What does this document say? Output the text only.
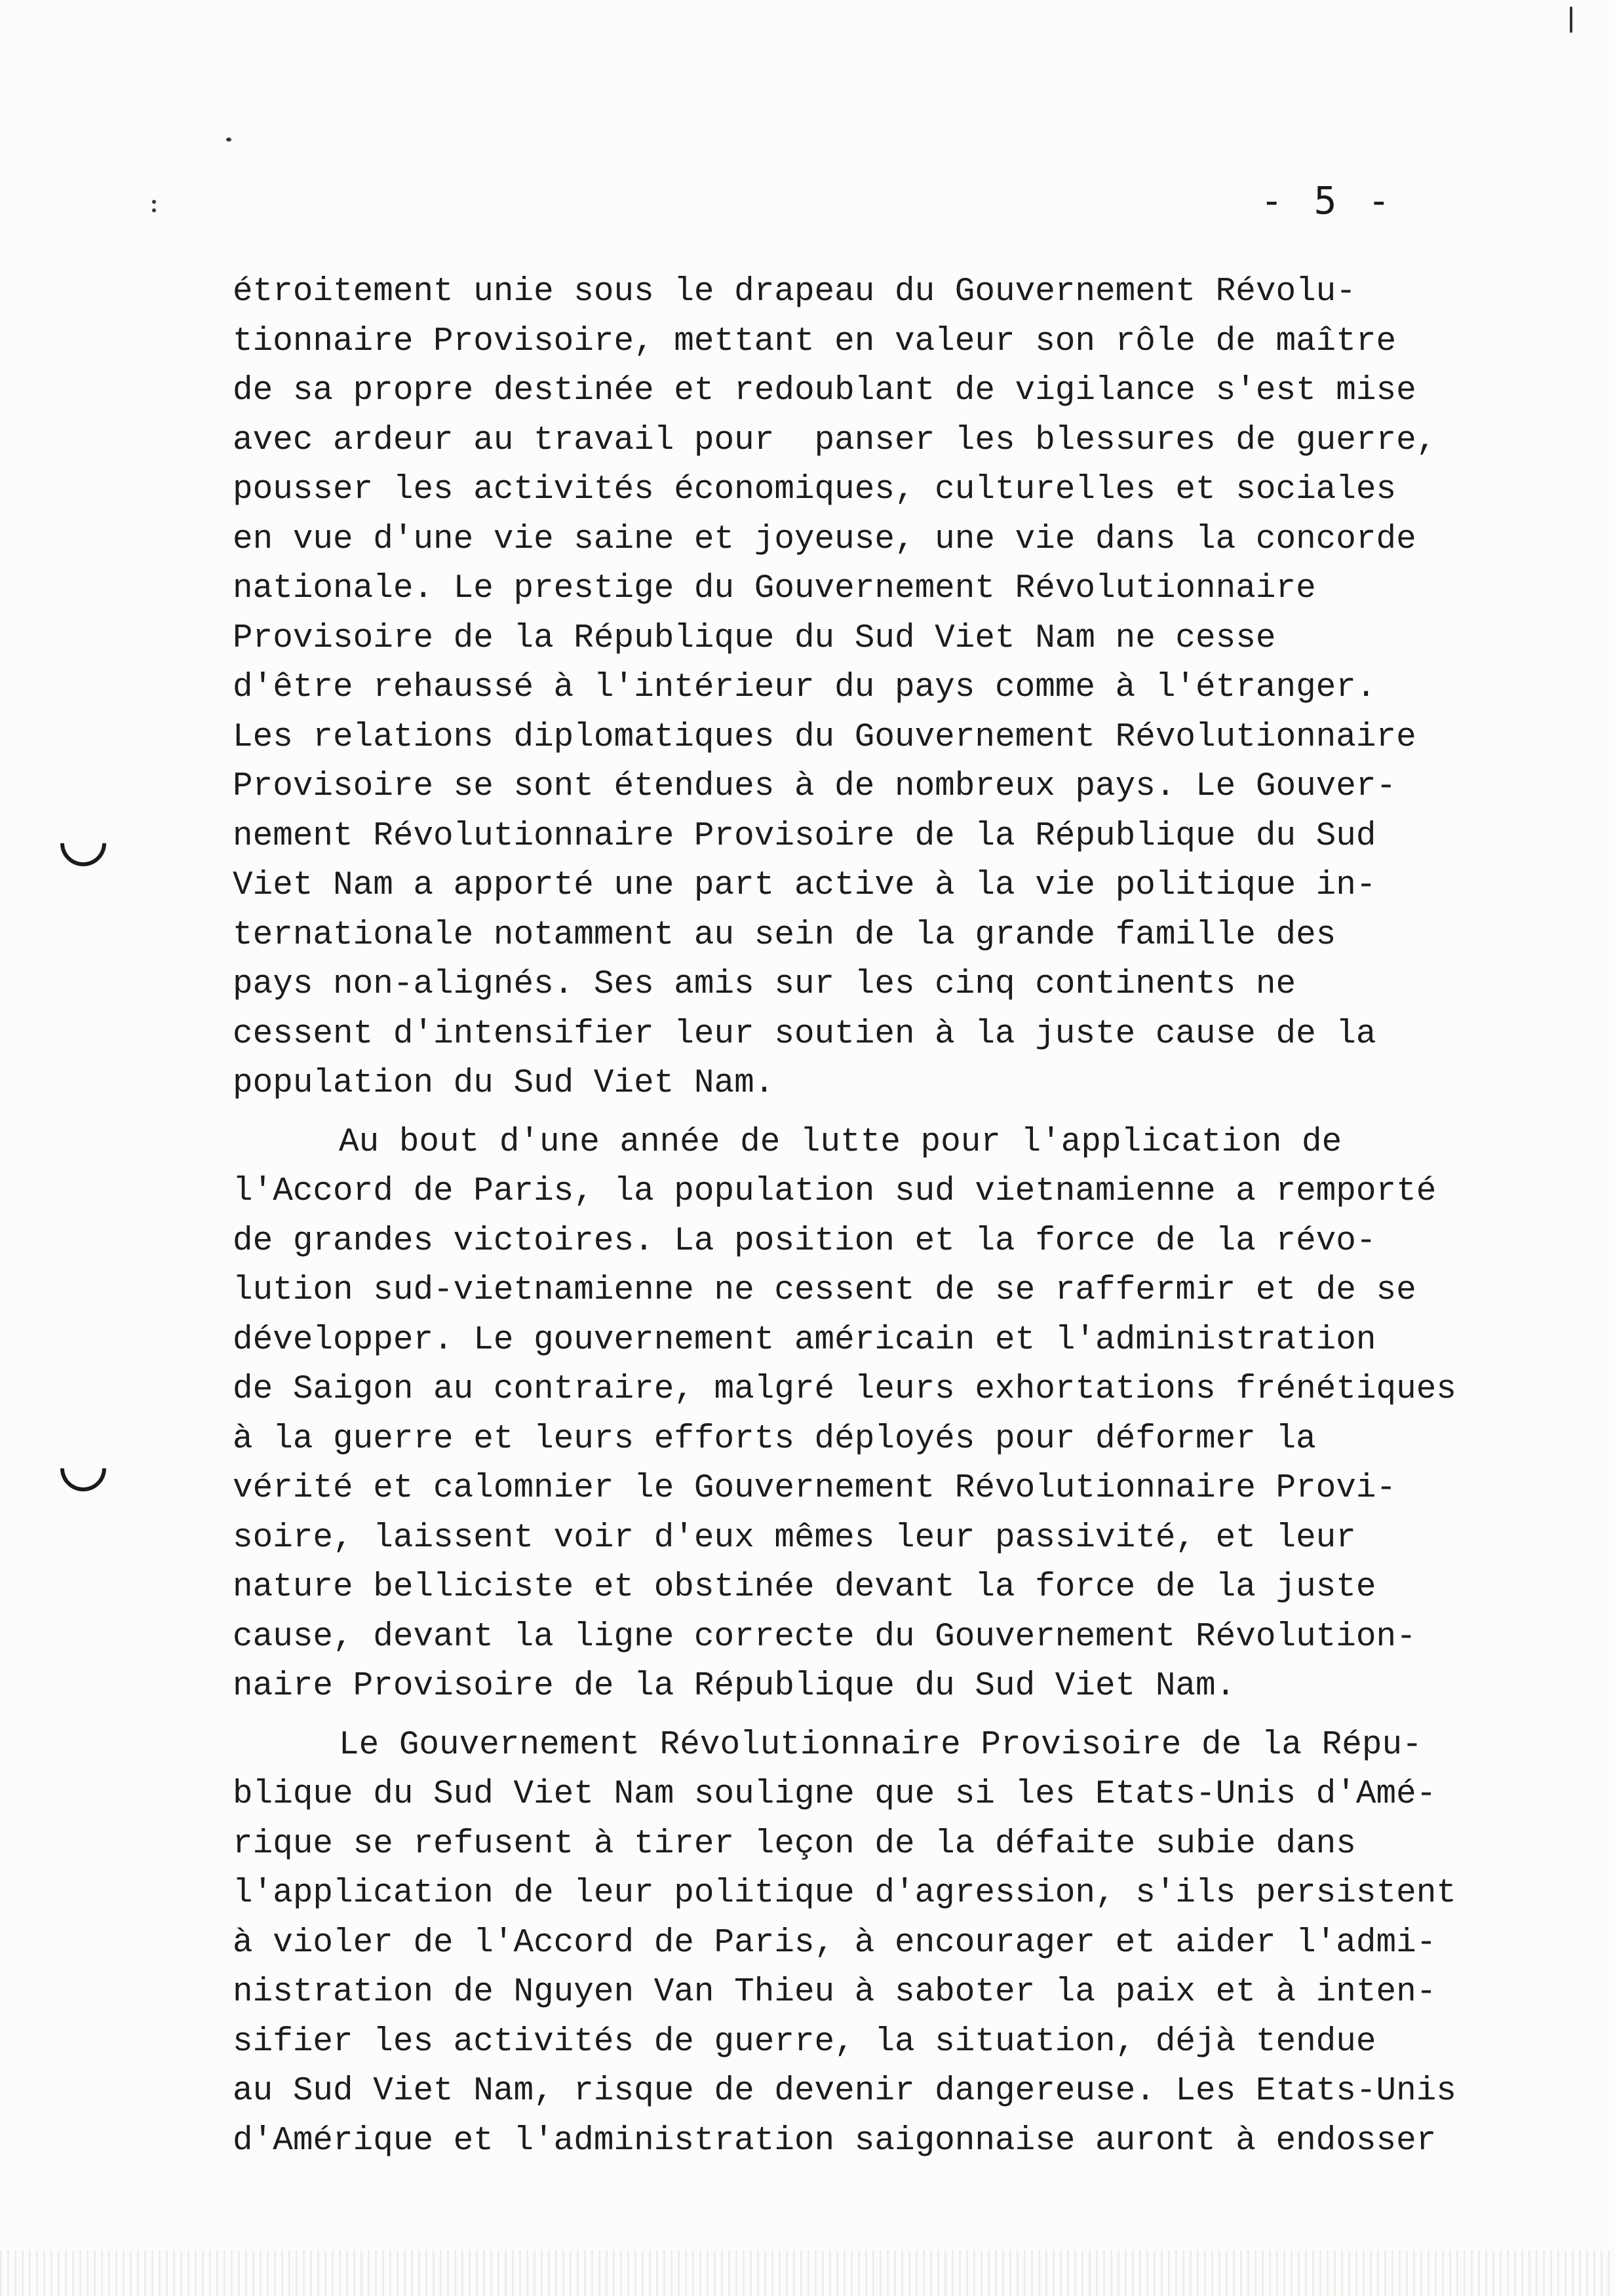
- 5 -
étroitement unie sous le drapeau du Gouvernement Révolu-
tionnaire Provisoire, mettant en valeur son rôle de maître
de sa propre destinée et redoublant de vigilance s'est mise
avec ardeur au travail pour  panser les blessures de guerre,
pousser les activités économiques, culturelles et sociales
en vue d'une vie saine et joyeuse, une vie dans la concorde
nationale. Le prestige du Gouvernement Révolutionnaire
Provisoire de la République du Sud Viet Nam ne cesse
d'être rehaussé à l'intérieur du pays comme à l'étranger.
Les relations diplomatiques du Gouvernement Révolutionnaire
Provisoire se sont étendues à de nombreux pays. Le Gouver-
nement Révolutionnaire Provisoire de la République du Sud
Viet Nam a apporté une part active à la vie politique in-
ternationale notamment au sein de la grande famille des
pays non-alignés. Ses amis sur les cinq continents ne
cessent d'intensifier leur soutien à la juste cause de la
population du Sud Viet Nam.
Au bout d'une année de lutte pour l'application de
l'Accord de Paris, la population sud vietnamienne a remporté
de grandes victoires. La position et la force de la révo-
lution sud-vietnamienne ne cessent de se raffermir et de se
développer. Le gouvernement américain et l'administration
de Saigon au contraire, malgré leurs exhortations frénétiques
à la guerre et leurs efforts déployés pour déformer la
vérité et calomnier le Gouvernement Révolutionnaire Provi-
soire, laissent voir d'eux mêmes leur passivité, et leur
nature belliciste et obstinée devant la force de la juste
cause, devant la ligne correcte du Gouvernement Révolution-
naire Provisoire de la République du Sud Viet Nam.
Le Gouvernement Révolutionnaire Provisoire de la Répu-
blique du Sud Viet Nam souligne que si les Etats-Unis d'Amé-
rique se refusent à tirer leçon de la défaite subie dans
l'application de leur politique d'agression, s'ils persistent
à violer de l'Accord de Paris, à encourager et aider l'admi-
nistration de Nguyen Van Thieu à saboter la paix et à inten-
sifier les activités de guerre, la situation, déjà tendue
au Sud Viet Nam, risque de devenir dangereuse. Les Etats-Unis
d'Amérique et l'administration saigonnaise auront à endosser
